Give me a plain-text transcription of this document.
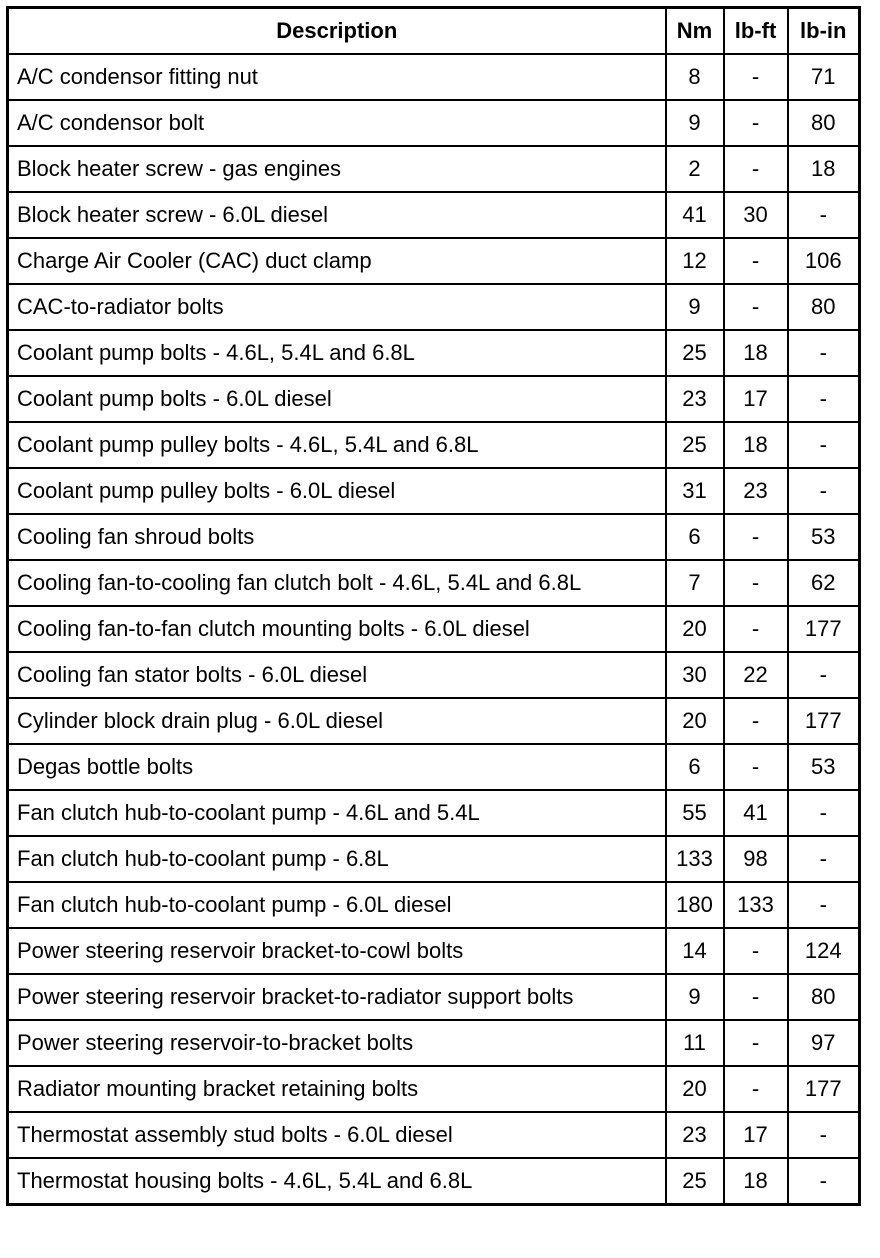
Description	Nm	lb-ft	lb-in
A/C condensor fitting nut	8	-	71
A/C condensor bolt	9	-	80
Block heater screw - gas engines	2	-	18
Block heater screw - 6.0L diesel	41	30	-
Charge Air Cooler (CAC) duct clamp	12	-	106
CAC-to-radiator bolts	9	-	80
Coolant pump bolts - 4.6L, 5.4L and 6.8L	25	18	-
Coolant pump bolts - 6.0L diesel	23	17	-
Coolant pump pulley bolts - 4.6L, 5.4L and 6.8L	25	18	-
Coolant pump pulley bolts - 6.0L diesel	31	23	-
Cooling fan shroud bolts	6	-	53
Cooling fan-to-cooling fan clutch bolt - 4.6L, 5.4L and 6.8L	7	-	62
Cooling fan-to-fan clutch mounting bolts - 6.0L diesel	20	-	177
Cooling fan stator bolts - 6.0L diesel	30	22	-
Cylinder block drain plug - 6.0L diesel	20	-	177
Degas bottle bolts	6	-	53
Fan clutch hub-to-coolant pump - 4.6L and 5.4L	55	41	-
Fan clutch hub-to-coolant pump - 6.8L	133	98	-
Fan clutch hub-to-coolant pump - 6.0L diesel	180	133	-
Power steering reservoir bracket-to-cowl bolts	14	-	124
Power steering reservoir bracket-to-radiator support bolts	9	-	80
Power steering reservoir-to-bracket bolts	11	-	97
Radiator mounting bracket retaining bolts	20	-	177
Thermostat assembly stud bolts - 6.0L diesel	23	17	-
Thermostat housing bolts - 4.6L, 5.4L and 6.8L	25	18	-
